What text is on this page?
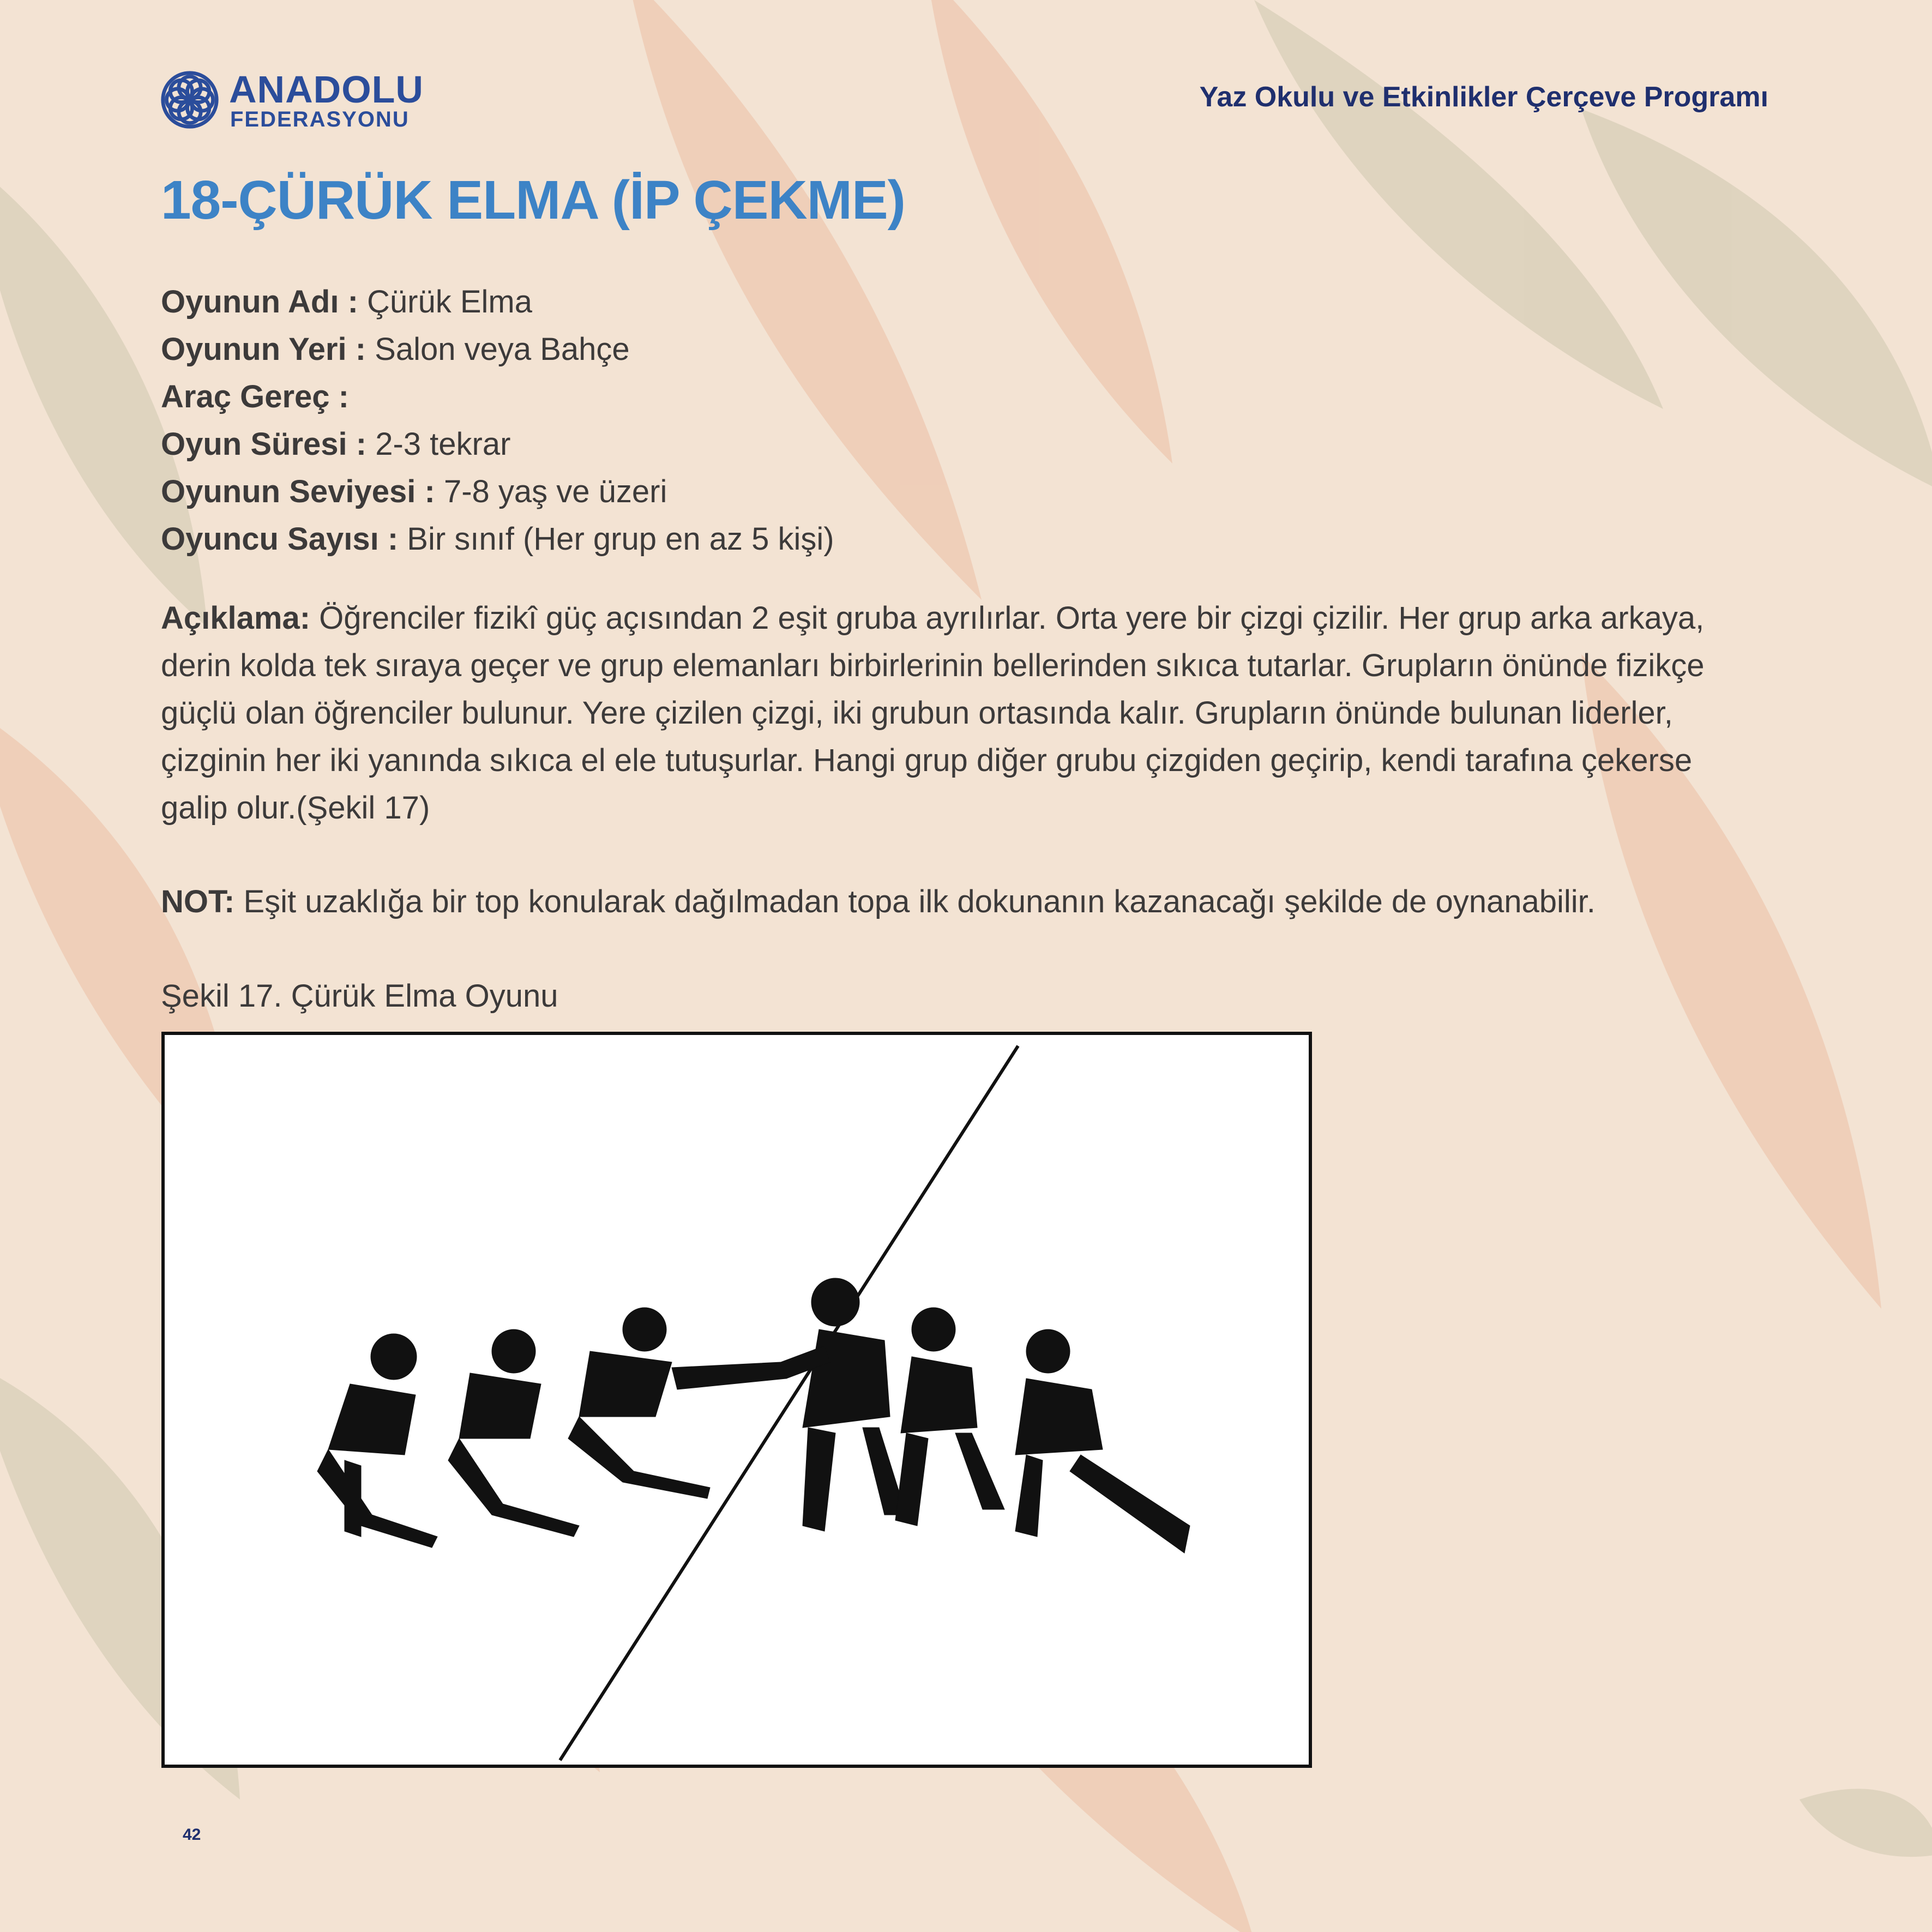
ANADOLU
FEDERASYONU
Yaz Okulu ve Etkinlikler Çerçeve Programı
18-ÇÜRÜK ELMA (İP ÇEKME)
Oyunun Adı : Çürük Elma
Oyunun Yeri : Salon veya Bahçe
Araç Gereç :
Oyun Süresi : 2-3 tekrar
Oyunun Seviyesi : 7-8 yaş ve üzeri
Oyuncu Sayısı : Bir sınıf (Her grup en az 5 kişi)
Açıklama: Öğrenciler fizikî güç açısından 2 eşit gruba ayrılırlar. Orta yere bir çizgi çizilir. Her grup arka arkaya,
derin kolda tek sıraya geçer ve grup elemanları birbirlerinin bellerinden sıkıca tutarlar. Grupların önünde fizikçe
güçlü olan öğrenciler bulunur. Yere çizilen çizgi, iki grubun ortasında kalır. Grupların önünde bulunan liderler,
çizginin her iki yanında sıkıca el ele tutuşurlar. Hangi grup diğer grubu çizgiden geçirip, kendi tarafına çekerse
galip olur.(Şekil 17)
NOT: Eşit uzaklığa bir top konularak dağılmadan topa ilk dokunanın kazanacağı şekilde de oynanabilir.
Şekil 17. Çürük Elma Oyunu
42
